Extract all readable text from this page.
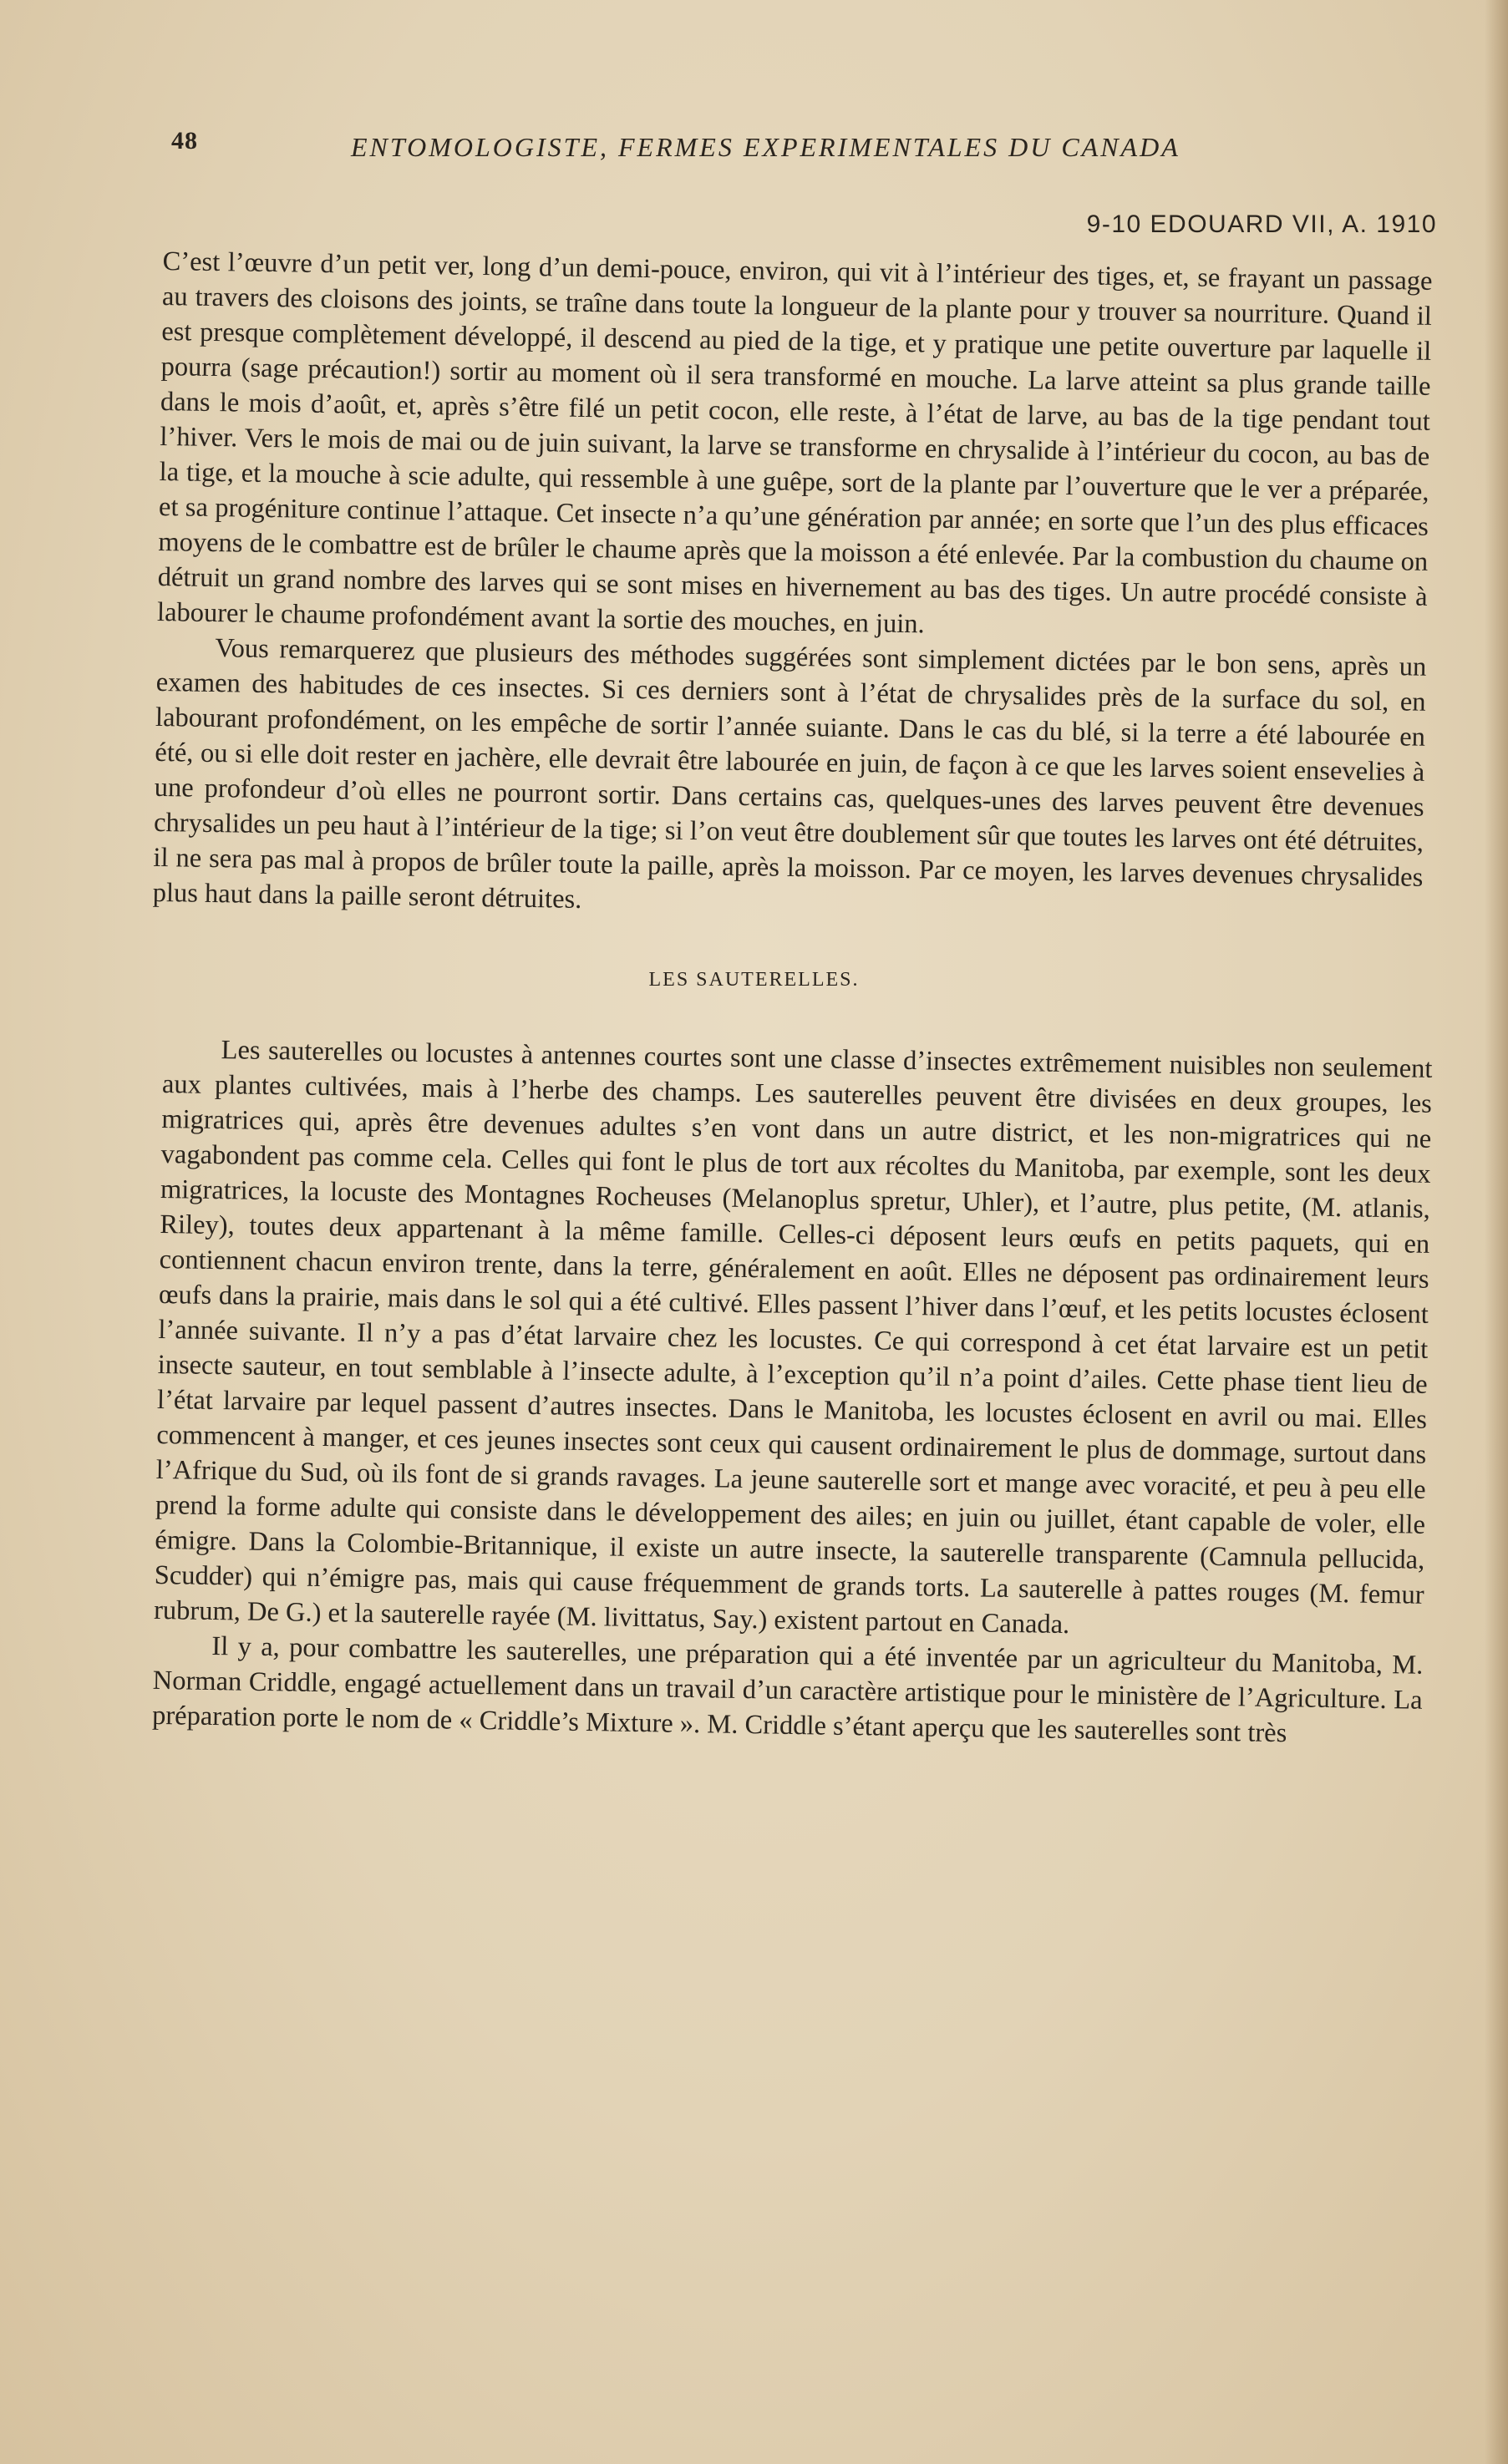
48	ENTOMOLOGISTE, FERMES EXPERIMENTALES DU CANADA
9-10 EDOUARD VII, A. 1910

C’est l’œuvre d’un petit ver, long d’un demi-pouce, environ, qui vit à l’intérieur des tiges, et, se frayant un passage au travers des cloisons des joints, se traîne dans toute la longueur de la plante pour y trouver sa nourriture. Quand il est presque complètement développé, il descend au pied de la tige, et y pratique une petite ouverture par laquelle il pourra (sage précaution!) sortir au moment où il sera transformé en mouche. La larve atteint sa plus grande taille dans le mois d’août, et, après s’être filé un petit cocon, elle reste, à l’état de larve, au bas de la tige pendant tout l’hiver. Vers le mois de mai ou de juin suivant, la larve se transforme en chrysalide à l’intérieur du cocon, au bas de la tige, et la mouche à scie adulte, qui ressemble à une guêpe, sort de la plante par l’ouverture que le ver a préparée, et sa progéniture continue l’attaque. Cet insecte n’a qu’une génération par année; en sorte que l’un des plus efficaces moyens de le combattre est de brûler le chaume après que la moisson a été enlevée. Par la combustion du chaume on détruit un grand nombre des larves qui se sont mises en hivernement au bas des tiges. Un autre procédé consiste à labourer le chaume profondément avant la sortie des mouches, en juin.

Vous remarquerez que plusieurs des méthodes suggérées sont simplement dictées par le bon sens, après un examen des habitudes de ces insectes. Si ces derniers sont à l’état de chrysalides près de la surface du sol, en labourant profondément, on les empêche de sortir l’année suiante. Dans le cas du blé, si la terre a été labourée en été, ou si elle doit rester en jachère, elle devrait être labourée en juin, de façon à ce que les larves soient ensevelies à une profondeur d’où elles ne pourront sortir. Dans certains cas, quelques-unes des larves peuvent être devenues chrysalides un peu haut à l’intérieur de la tige; si l’on veut être doublement sûr que toutes les larves ont été détruites, il ne sera pas mal à propos de brûler toute la paille, après la moisson. Par ce moyen, les larves devenues chrysalides plus haut dans la paille seront détruites.

LES SAUTERELLES.

Les sauterelles ou locustes à antennes courtes sont une classe d’insectes extrêmement nuisibles non seulement aux plantes cultivées, mais à l’herbe des champs. Les sauterelles peuvent être divisées en deux groupes, les migratrices qui, après être devenues adultes s’en vont dans un autre district, et les non-migratrices qui ne vagabondent pas comme cela. Celles qui font le plus de tort aux récoltes du Manitoba, par exemple, sont les deux migratrices, la locuste des Montagnes Rocheuses (Melanoplus spretur, Uhler), et l’autre, plus petite, (M. atlanis, Riley), toutes deux appartenant à la même famille. Celles-ci déposent leurs œufs en petits paquets, qui en contiennent chacun environ trente, dans la terre, généralement en août. Elles ne déposent pas ordinairement leurs œufs dans la prairie, mais dans le sol qui a été cultivé. Elles passent l’hiver dans l’œuf, et les petits locustes éclosent l’année suivante. Il n’y a pas d’état larvaire chez les locustes. Ce qui correspond à cet état larvaire est un petit insecte sauteur, en tout semblable à l’insecte adulte, à l’exception qu’il n’a point d’ailes. Cette phase tient lieu de l’état larvaire par lequel passent d’autres insectes. Dans le Manitoba, les locustes éclosent en avril ou mai. Elles commencent à manger, et ces jeunes insectes sont ceux qui causent ordinairement le plus de dommage, surtout dans l’Afrique du Sud, où ils font de si grands ravages. La jeune sauterelle sort et mange avec voracité, et peu à peu elle prend la forme adulte qui consiste dans le développement des ailes; en juin ou juillet, étant capable de voler, elle émigre. Dans la Colombie-Britannique, il existe un autre insecte, la sauterelle transparente (Camnula pellucida, Scudder) qui n’émigre pas, mais qui cause fréquemment de grands torts. La sauterelle à pattes rouges (M. femur rubrum, De G.) et la sauterelle rayée (M. livittatus, Say.) existent partout en Canada.

Il y a, pour combattre les sauterelles, une préparation qui a été inventée par un agriculteur du Manitoba, M. Norman Criddle, engagé actuellement dans un travail d’un caractère artistique pour le ministère de l’Agriculture. La préparation porte le nom de « Criddle’s Mixture ». M. Criddle s’étant aperçu que les sauterelles sont très
